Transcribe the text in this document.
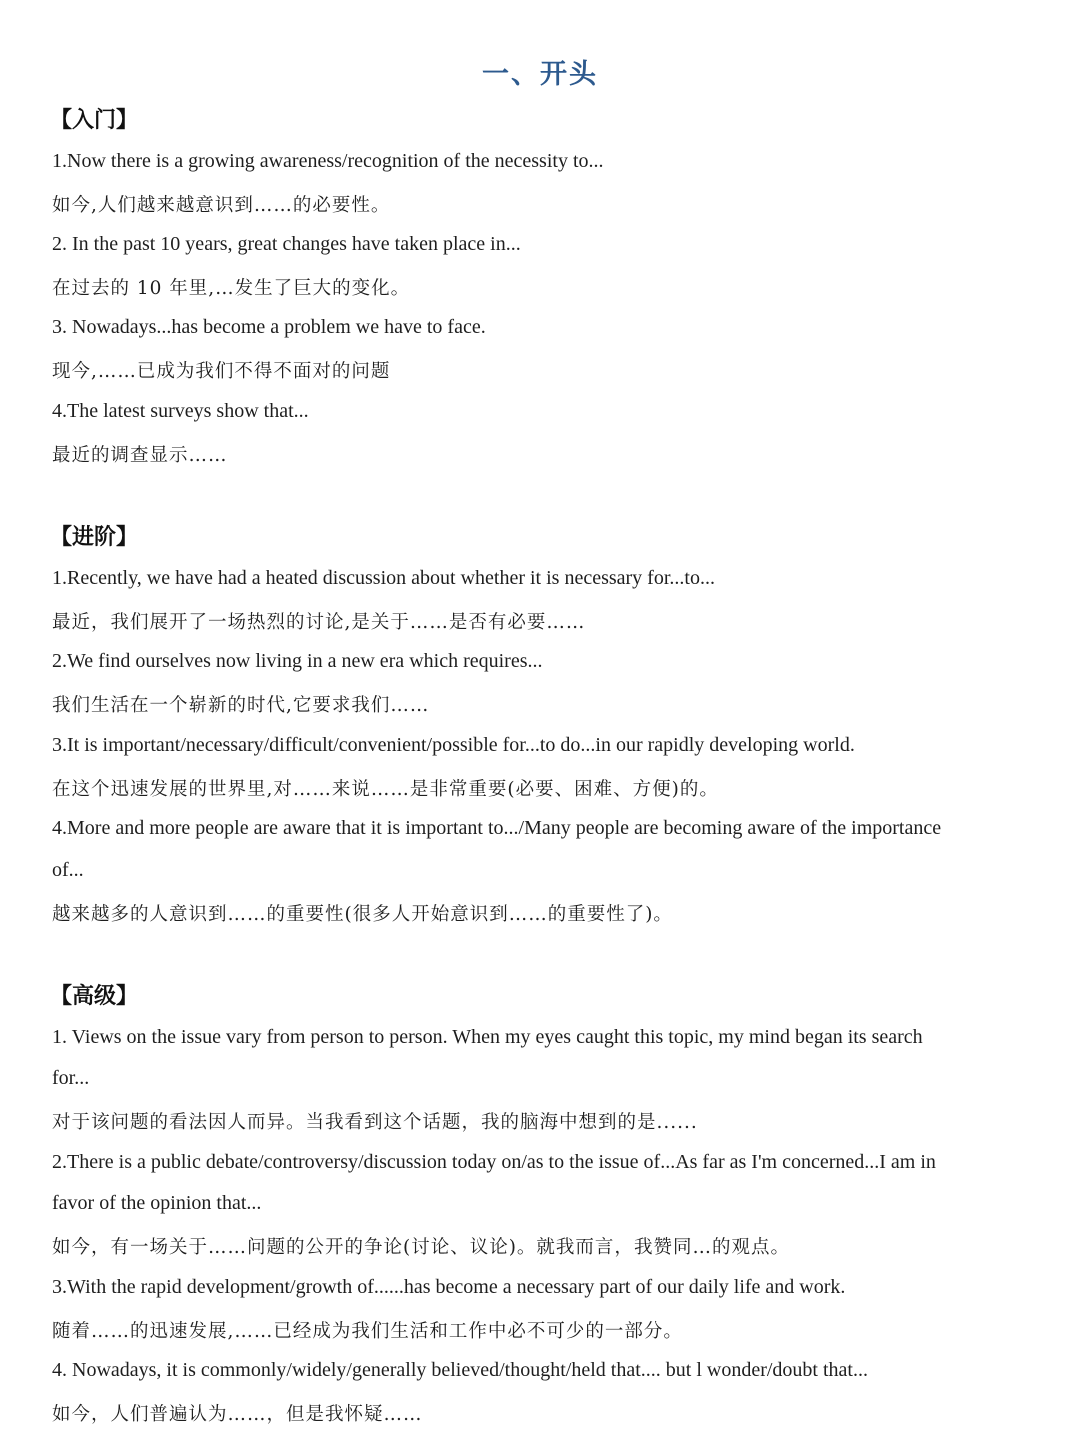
一、开头
【入门】
1.Now there is a growing awareness/recognition of the necessity to...
如今,人们越来越意识到……的必要性。
2. In the past 10 years, great changes have taken place in...
在过去的 10 年里,…发生了巨大的变化。
3. Nowadays...has become a problem we have to face.
现今,……已成为我们不得不面对的问题
4.The latest surveys show that...
最近的调查显示……
【进阶】
1.Recently, we have had a heated discussion about whether it is necessary for...to...
最近，我们展开了一场热烈的讨论,是关于……是否有必要……
2.We find ourselves now living in a new era which requires...
我们生活在一个崭新的时代,它要求我们……
3.It is important/necessary/difficult/convenient/possible for...to do...in our rapidly developing world.
在这个迅速发展的世界里,对……来说……是非常重要(必要、困难、方便)的。
4.More and more people are aware that it is important to.../Many people are becoming aware of the importance
of...
越来越多的人意识到……的重要性(很多人开始意识到……的重要性了)。
【高级】
1. Views on the issue vary from person to person. When my eyes caught this topic, my mind began its search
for...
对于该问题的看法因人而异。当我看到这个话题，我的脑海中想到的是......
2.There is a public debate/controversy/discussion today on/as to the issue of...As far as I'm concerned...I am in
favor of the opinion that...
如今，有一场关于……问题的公开的争论(讨论、议论)。就我而言，我赞同…的观点。
3.With the rapid development/growth of......has become a necessary part of our daily life and work.
随着……的迅速发展,……已经成为我们生活和工作中必不可少的一部分。
4. Nowadays, it is commonly/widely/generally believed/thought/held that.... but l wonder/doubt that...
如今，人们普遍认为……，但是我怀疑……
